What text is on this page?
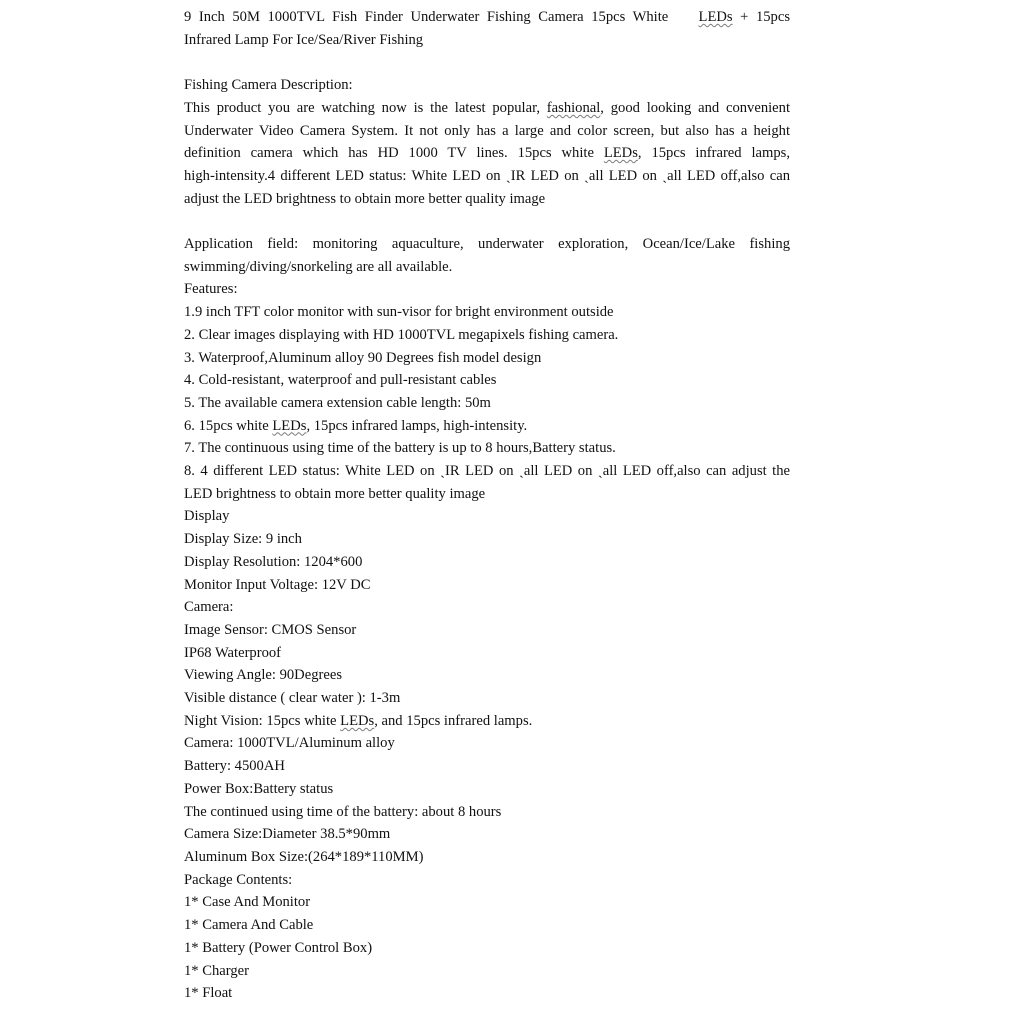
9 Inch 50M 1000TVL Fish Finder Underwater Fishing Camera 15pcs White LEDs + 15pcs
Infrared Lamp For Ice/Sea/River Fishing
Fishing Camera Description:
This product you are watching now is the latest popular, fashional, good looking and convenient
Underwater Video Camera System. It not only has a large and color screen, but also has a height
definition camera which has HD 1000 TV lines. 15pcs white LEDs, 15pcs infrared lamps,
high-intensity.4 different LED status: White LED on ˎIR LED on ˎall LED on ˎall LED off,also can
adjust the LED brightness to obtain more better quality image
Application field: monitoring aquaculture, underwater exploration, Ocean/Ice/Lake fishing
swimming/diving/snorkeling are all available.
Features:
1.9 inch TFT color monitor with sun-visor for bright environment outside
2. Clear images displaying with HD 1000TVL megapixels fishing camera.
3. Waterproof,Aluminum alloy 90 Degrees fish model design
4. Cold-resistant, waterproof and pull-resistant cables
5. The available camera extension cable length: 50m
6. 15pcs white LEDs, 15pcs infrared lamps, high-intensity.
7. The continuous using time of the battery is up to 8 hours,Battery status.
8. 4 different LED status: White LED on ˎIR LED on ˎall LED on ˎall LED off,also can adjust the
LED brightness to obtain more better quality image
Display
Display Size: 9 inch
Display Resolution: 1204*600
Monitor Input Voltage: 12V DC
Camera:
Image Sensor: CMOS Sensor
IP68 Waterproof
Viewing Angle: 90Degrees
Visible distance ( clear water ): 1-3m
Night Vision: 15pcs white LEDs, and 15pcs infrared lamps.
Camera: 1000TVL/Aluminum alloy
Battery: 4500AH
Power Box:Battery status
The continued using time of the battery: about 8 hours
Camera Size:Diameter 38.5*90mm
Aluminum Box Size:(264*189*110MM)
Package Contents:
1* Case And Monitor
1* Camera And Cable
1* Battery (Power Control Box)
1* Charger
1* Float
